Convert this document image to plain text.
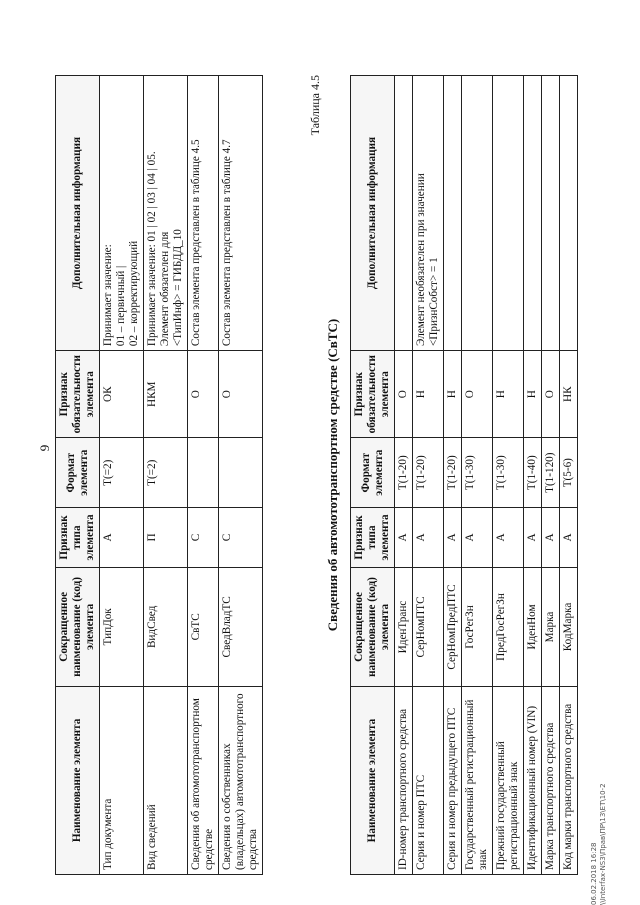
9
Наименование элемента	Сокращенное наименование (код) элемента	Признак типа элемента	Формат элемента	Признак обязательности элемента	Дополнительная информация
Тип документа	ТипДок	А	Т(=2)	ОК	Принимает значение:
01 – первичный |
02 – корректирующий
Вид сведений	ВидСвед	П	Т(=2)	НКМ	Принимает значение: 01 | 02 | 03 | 04 | 05.
Элемент обязателен для
<ТипИнф> = ГИБДД_10
Сведения об автомототранспортном средстве	СвТС	С		О	Состав элемента представлен в таблице 4.5
Сведения о собственниках (владельцах) автомототранспортного средства	СведВладТС	С		О	Состав элемента представлен в таблице 4.7
Таблица 4.5
Сведения об автомототранспортном средстве (СвТС)
Наименование элемента	Сокращенное наименование (код) элемента	Признак типа элемента	Формат элемента	Признак обязательности элемента	Дополнительная информация
ID-номер транспортного средства	ИденТранс	А	Т(1-20)	О	
Серия и номер ПТС	СерНомПТС	А	Т(1-20)	Н	Элемент необязателен при значении
<ПризнСобст> = 1
Серия и номер предыдущего ПТС	СерНомПредПТС	А	Т(1-20)	Н	
Государственный регистрационный знак	ГосРегЗн	А	Т(1-30)	О	
Прежний государственный регистрационный знак	ПредГосРегЗн	А	Т(1-30)	Н	
Идентификационный номер (VIN)	ИденНом	А	Т(1-40)	Н	
Марка транспортного средства	Марка	А	Т(1-120)	О	
Код марки транспортного средства	КодМарка	А	Т(5-6)	НК	
06.02.2018 16:28 \\Interfax-NS3\Прав\ПР\13\ЕТ\10-2
